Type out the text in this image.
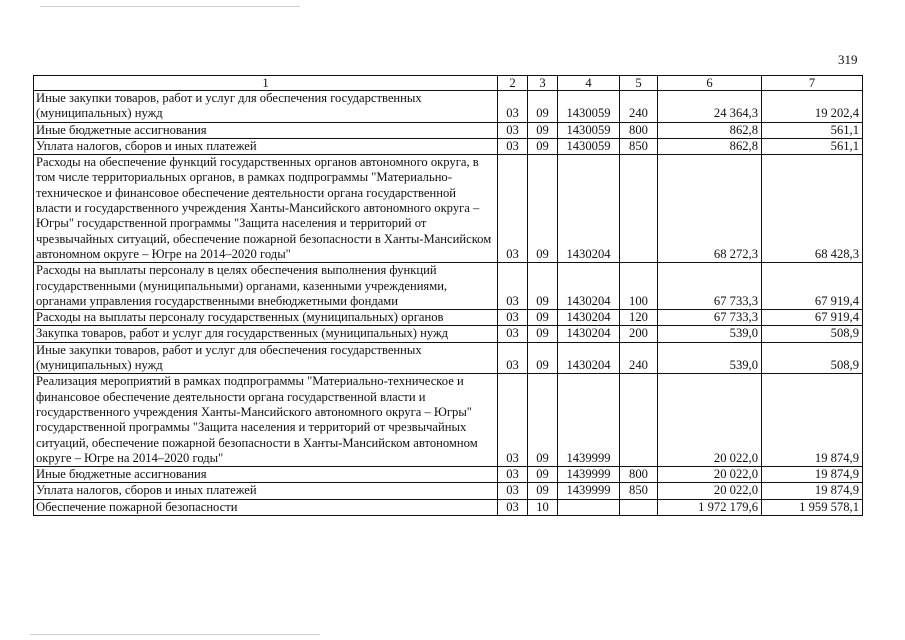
319
1	2	3	4	5	6	7
Иные закупки товаров, работ и услуг для обеспечения государственных (муниципальных) нужд	03	09	1430059	240	24 364,3	19 202,4
Иные бюджетные ассигнования	03	09	1430059	800	862,8	561,1
Уплата налогов, сборов и иных платежей	03	09	1430059	850	862,8	561,1
Расходы на обеспечение функций государственных органов автономного округа, в том числе территориальных органов, в рамках подпрограммы "Материально-техническое и финансовое обеспечение деятельности органа государственной власти и государственного учреждения Ханты-Мансийского автономного округа – Югры" государственной программы "Защита населения и территорий от чрезвычайных ситуаций, обеспечение пожарной безопасности в Ханты-Мансийском автономном округе – Югре на 2014–2020 годы"	03	09	1430204		68 272,3	68 428,3
Расходы на выплаты персоналу в целях обеспечения выполнения функций государственными (муниципальными) органами, казенными учреждениями, органами управления государственными внебюджетными фондами	03	09	1430204	100	67 733,3	67 919,4
Расходы на выплаты персоналу государственных (муниципальных) органов	03	09	1430204	120	67 733,3	67 919,4
Закупка товаров, работ и услуг для государственных (муниципальных) нужд	03	09	1430204	200	539,0	508,9
Иные закупки товаров, работ и услуг для обеспечения государственных (муниципальных) нужд	03	09	1430204	240	539,0	508,9
Реализация мероприятий в рамках подпрограммы "Материально-техническое и финансовое обеспечение деятельности органа государственной власти и государственного учреждения Ханты-Мансийского автономного округа – Югры" государственной программы "Защита населения и территорий от чрезвычайных ситуаций, обеспечение пожарной безопасности в Ханты-Мансийском автономном округе – Югре на 2014–2020 годы"	03	09	1439999		20 022,0	19 874,9
Иные бюджетные ассигнования	03	09	1439999	800	20 022,0	19 874,9
Уплата налогов, сборов и иных платежей	03	09	1439999	850	20 022,0	19 874,9
Обеспечение пожарной безопасности	03	10			1 972 179,6	1 959 578,1
